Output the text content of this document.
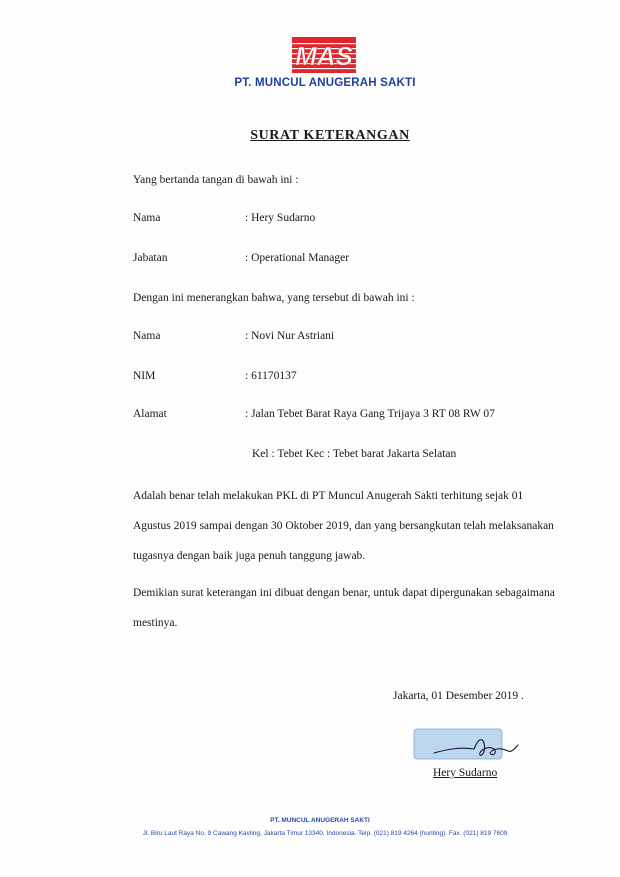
MAS
PT. MUNCUL ANUGERAH SAKTI
SURAT KETERANGAN
Yang bertanda tangan di bawah ini :
Nama	: Hery Sudarno
Jabatan	: Operational Manager
Dengan ini menerangkan bahwa, yang tersebut di bawah ini :
Nama	: Novi Nur Astriani
NIM	: 61170137
Alamat	: Jalan Tebet Barat Raya Gang Trijaya 3 RT 08 RW 07
Kel : Tebet Kec : Tebet barat Jakarta Selatan
Adalah benar telah melakukan PKL di PT Muncul Anugerah Sakti terhitung sejak 01 Agustus 2019 sampai dengan 30 Oktober 2019, dan yang bersangkutan telah melaksanakan tugasnya dengan baik juga penuh tanggung jawab.
Demikian surat keterangan ini dibuat dengan benar, untuk dapat dipergunakan sebagaimana mestinya.
Jakarta, 01 Desember 2019 .
Hery Sudarno
PT. MUNCUL ANUGERAH SAKTI
Jl. Biru Laut Raya No. 9 Cawang Kavling, Jakarta Timur 13340, Indonesia. Telp. (021) 819 4264 (hunting). Fax. (021) 819 7609
